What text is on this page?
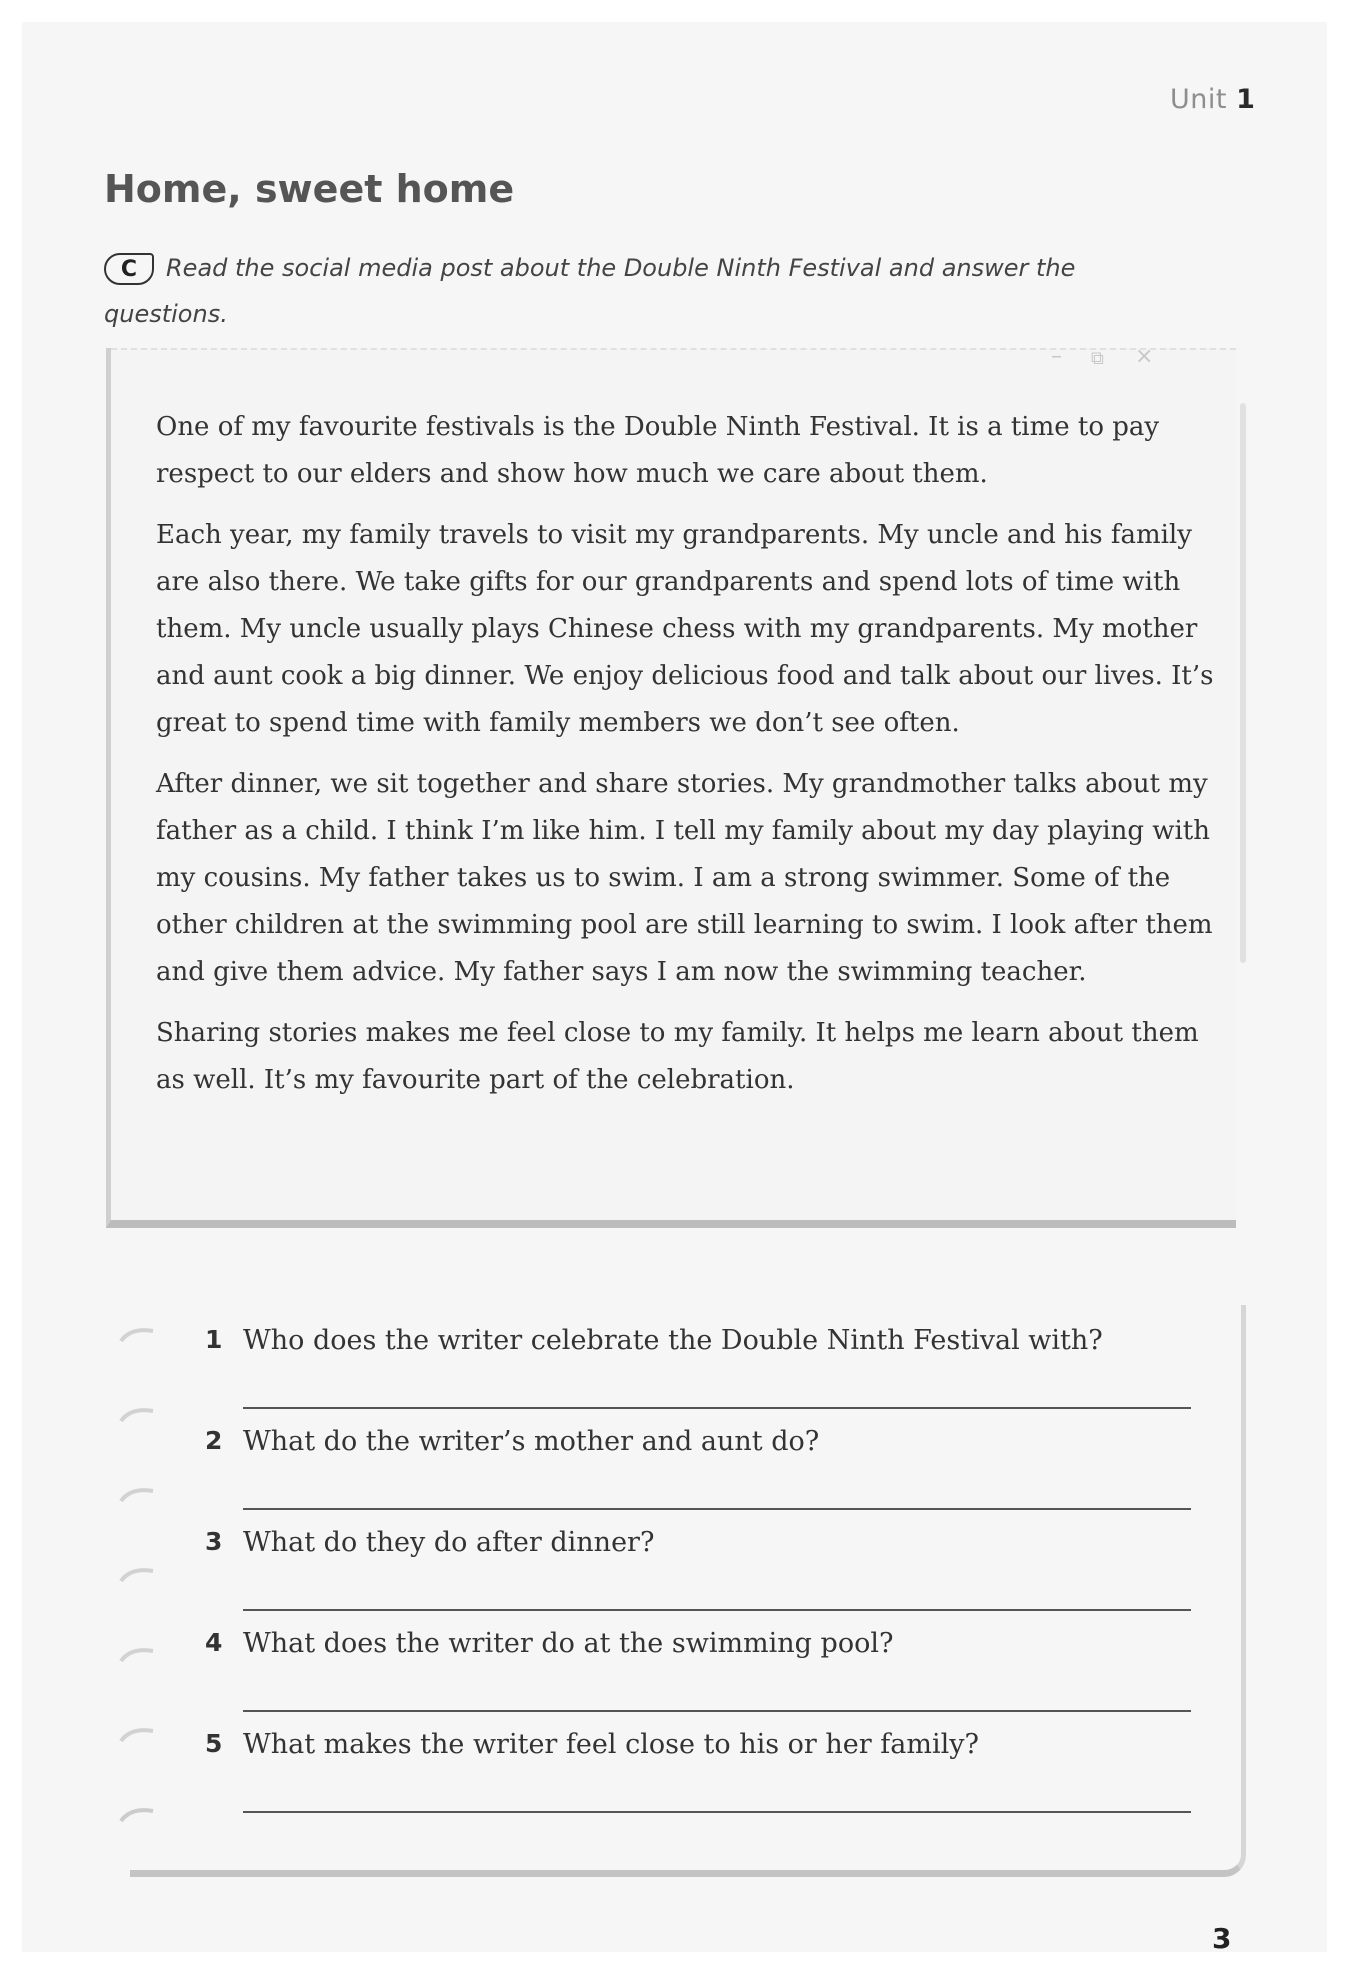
Unit 1
Home, sweet home
C Read the social media post about the Double Ninth Festival and answer the questions.
– ⧉ ×

One of my favourite festivals is the Double Ninth Festival. It is a time to pay respect to our elders and show how much we care about them.

Each year, my family travels to visit my grandparents. My uncle and his family are also there. We take gifts for our grandparents and spend lots of time with them. My uncle usually plays Chinese chess with my grandparents. My mother and aunt cook a big dinner. We enjoy delicious food and talk about our lives. It’s great to spend time with family members we don’t see often.

After dinner, we sit together and share stories. My grandmother talks about my father as a child. I think I’m like him. I tell my family about my day playing with my cousins. My father takes us to swim. I am a strong swimmer. Some of the other children at the swimming pool are still learning to swim. I look after them and give them advice. My father says I am now the swimming teacher.

Sharing stories makes me feel close to my family. It helps me learn about them as well. It’s my favourite part of the celebration.

1 Who does the writer celebrate the Double Ninth Festival with?
2 What do the writer’s mother and aunt do?
3 What do they do after dinner?
4 What does the writer do at the swimming pool?
5 What makes the writer feel close to his or her family?
3
